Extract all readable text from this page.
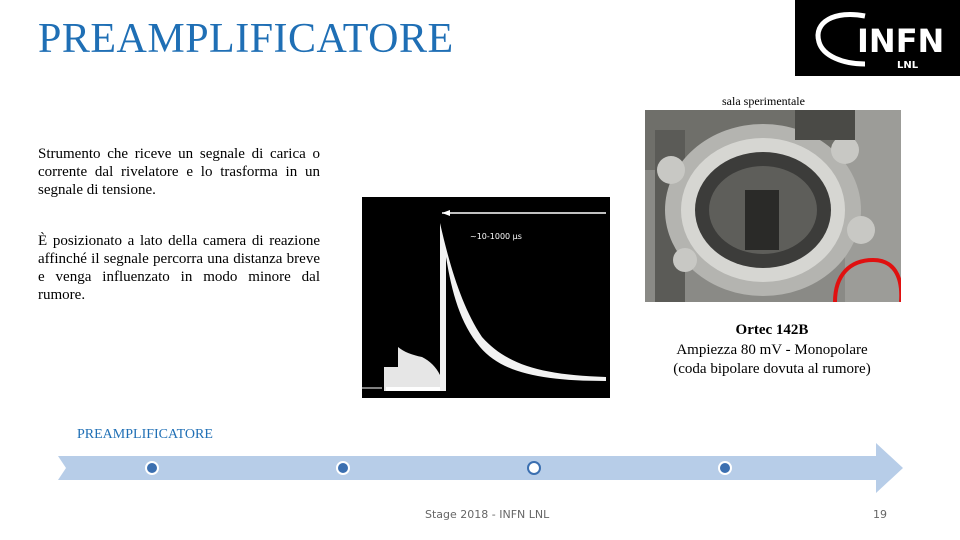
PREAMPLIFICATORE	INFN
LNL
sala sperimentale
Strumento che riceve un segnale di carica o corrente dal rivelatore e lo trasforma in un segnale di tensione.
È posizionato a lato della camera di reazione affinché il segnale percorra una distanza breve e venga influenzato in modo minore dal rumore.
~10-1000 µs
Ortec 142B
Ampiezza 80 mV - Monopolare
(coda bipolare dovuta al rumore)
PREAMPLIFICATORE
Stage 2018 - INFN LNL	19
